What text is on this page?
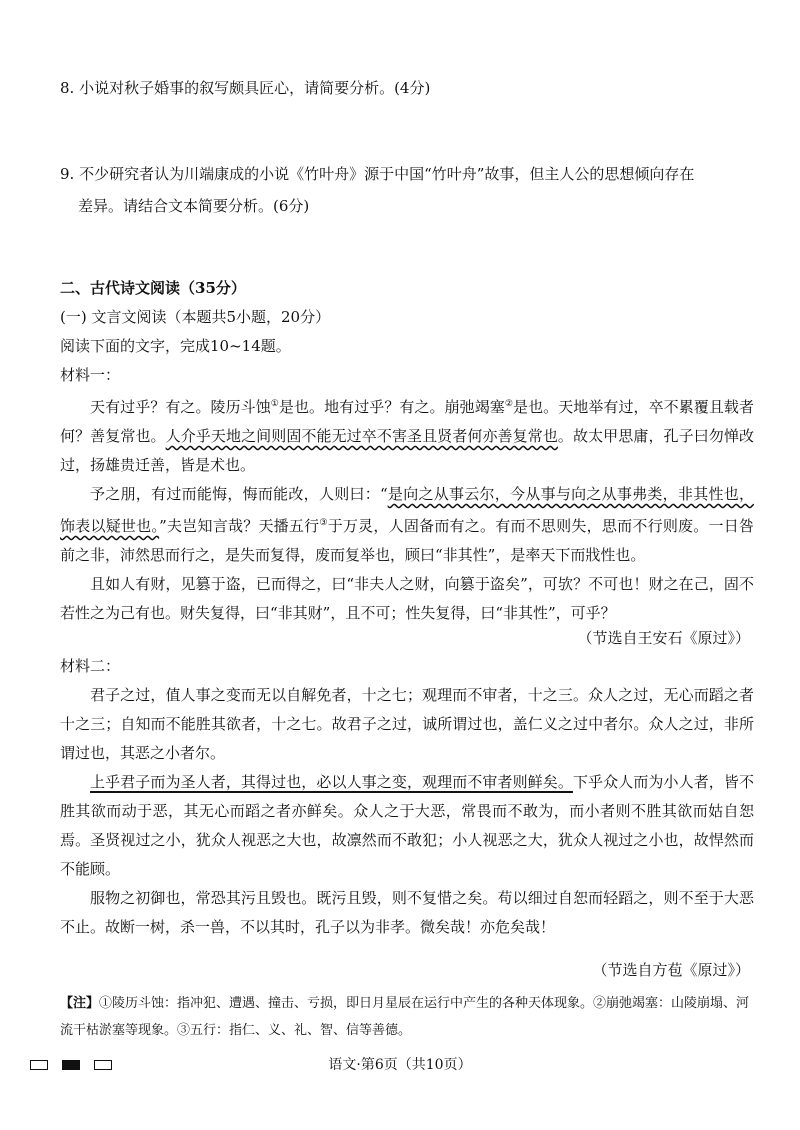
8. 小说对秋子婚事的叙写颇具匠心，请简要分析。(4分)
9. 不少研究者认为川端康成的小说《竹叶舟》源于中国“竹叶舟”故事，但主人公的思想倾向存在
差异。请结合文本简要分析。(6分)
二、古代诗文阅读（35分）
(一) 文言文阅读（本题共5小题，20分）
阅读下面的文字，完成10~14题。
材料一：

天有过乎？有之。陵历斗蚀①是也。地有过乎？有之。崩弛竭塞②是也。天地举有过，卒不累覆且载者何？善复常也。人介乎天地之间则固不能无过卒不害圣且贤者何亦善复常也。故太甲思庸，孔子曰勿惮改过，扬雄贵迁善，皆是术也。

予之朋，有过而能悔，悔而能改，人则曰：“是向之从事云尔，今从事与向之从事弗类，非其性也，饰表以疑世也。”夫岂知言哉？天播五行③于万灵，人固备而有之。有而不思则失，思而不行则废。一日咎前之非，沛然思而行之，是失而复得，废而复举也，顾曰“非其性”，是率天下而戕性也。

且如人有财，见篡于盗，已而得之，曰“非夫人之财，向篡于盗矣”，可欤？不可也！财之在己，固不若性之为己有也。财失复得，曰“非其财”，且不可；性失复得，曰“非其性”，可乎？

（节选自王安石《原过》）
材料二：

君子之过，值人事之变而无以自解免者，十之七；观理而不审者，十之三。众人之过，无心而蹈之者十之三；自知而不能胜其欲者，十之七。故君子之过，诚所谓过也，盖仁义之过中者尔。众人之过，非所谓过也，其恶之小者尔。

上乎君子而为圣人者，其得过也，必以人事之变，观理而不审者则鲜矣。下乎众人而为小人者，皆不胜其欲而动于恶，其无心而蹈之者亦鲜矣。众人之于大恶，常畏而不敢为，而小者则不胜其欲而姑自恕焉。圣贤视过之小，犹众人视恶之大也，故凛然而不敢犯；小人视恶之大，犹众人视过之小也，故悍然而不能顾。

服物之初御也，常恐其污且毁也。既污且毁，则不复惜之矣。苟以细过自恕而轻蹈之，则不至于大恶不止。故断一树，杀一兽，不以其时，孔子以为非孝。微矣哉！亦危矣哉！

（节选自方苞《原过》）
【注】①陵历斗蚀：指冲犯、遭遇、撞击、亏损，即日月星辰在运行中产生的各种天体现象。②崩弛竭塞：山陵崩塌、河流干枯淤塞等现象。③五行：指仁、义、礼、智、信等善德。
语文·第6页（共10页）
